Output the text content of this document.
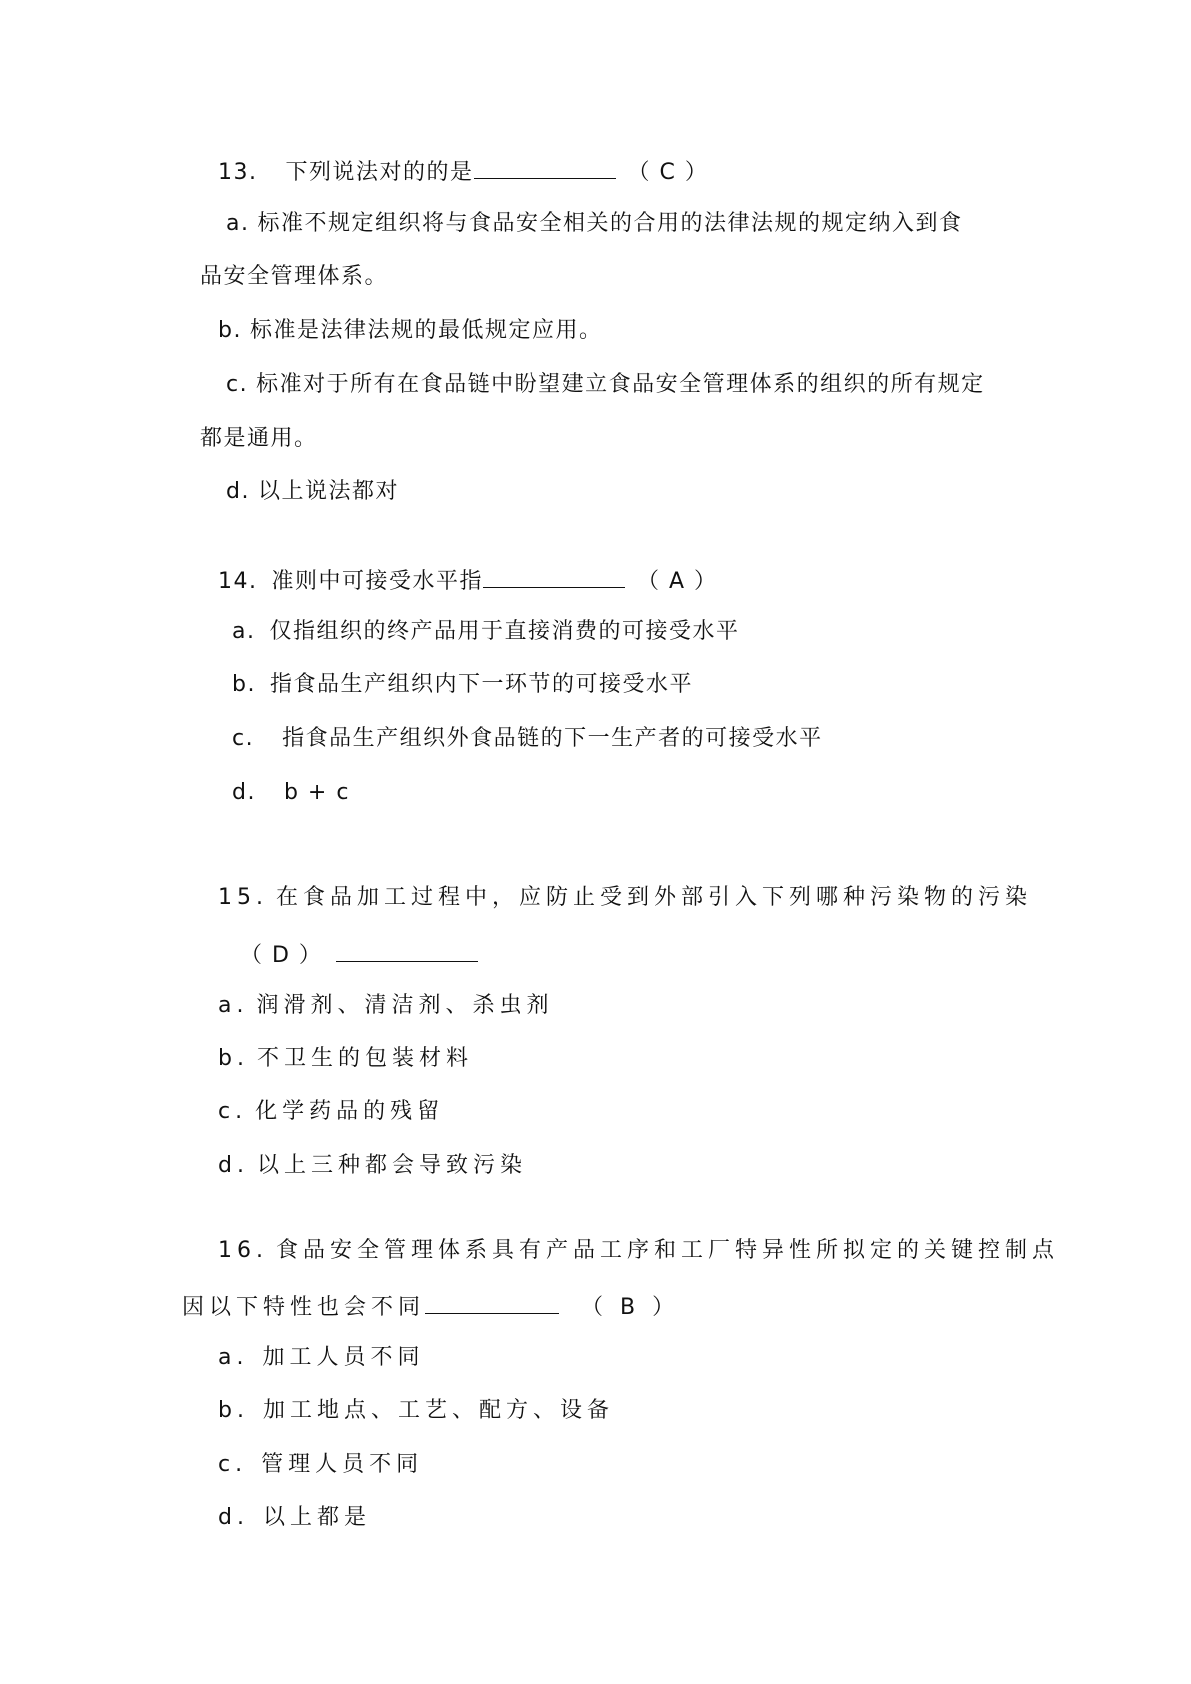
13. 下列说法对的的是	（ C ）
a. 标准不规定组织将与食品安全相关的合用的法律法规的规定纳入到食
品安全管理体系。
b. 标准是法律法规的最低规定应用。
c. 标准对于所有在食品链中盼望建立食品安全管理体系的组织的所有规定
都是通用。
d. 以上说法都对
14. 准则中可接受水平指	（ A ）
a. 仅指组织的终产品用于直接消费的可接受水平
b. 指食品生产组织内下一环节的可接受水平
c. 指食品生产组织外食品链的下一生产者的可接受水平
d. b + c
15. 在食品加工过程中，应防止受到外部引入下列哪种污染物的污染
（ D ）
a. 润滑剂、清洁剂、杀虫剂
b. 不卫生的包装材料
c. 化学药品的残留
d. 以上三种都会导致污染
16. 食品安全管理体系具有产品工序和工厂特异性所拟定的关键控制点
因以下特性也会不同	（ B ）
a. 加工人员不同
b. 加工地点、工艺、配方、设备
c. 管理人员不同
d. 以上都是
